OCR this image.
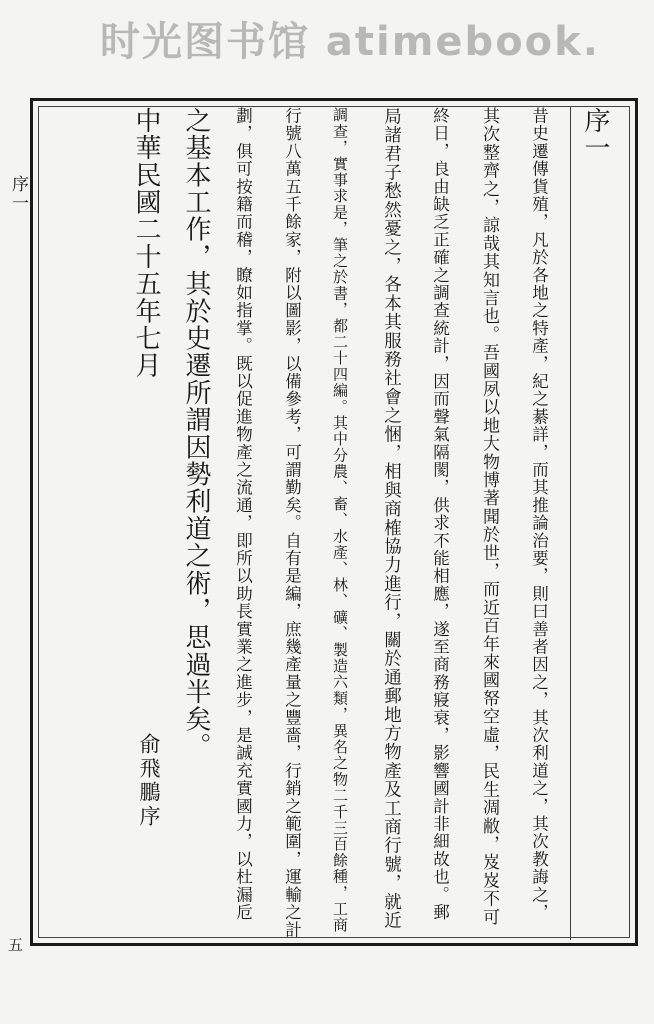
时光图书馆 atimebook.
序一
五
序一
昔史遷傳貨殖，凡於各地之特產，紀之綦詳，而其推論治要，則曰善者因之，其次利道之，其次教誨之，
其次整齊之，諒哉其知言也。吾國夙以地大物博著聞於世，而近百年來國帑空虛，民生凋敝，岌岌不可
終日，良由缺乏正確之調查統計，因而聲氣隔閡，供求不能相應，遂至商務寢衰，影響國計非細故也。郵
局諸君子愁然憂之，各本其服務社會之悃，相與商榷協力進行，關於通郵地方物產及工商行號，就近
調查，實事求是，筆之於書，都二十四編。其中分農、畜、水產、林、礦、製造六類，異名之物二千三百餘種，工商
行號八萬五千餘家，附以圖影，以備參考，可謂勤矣。自有是編，庶幾產量之豐嗇，行銷之範圍，運輸之計
劃，俱可按籍而稽，瞭如指掌。既以促進物產之流通，即所以助長實業之進步，是誠充實國力，以杜漏卮
之基本工作，其於史遷所謂因勢利道之術，思過半矣。
中華民國二十五年七月
俞飛鵬序
